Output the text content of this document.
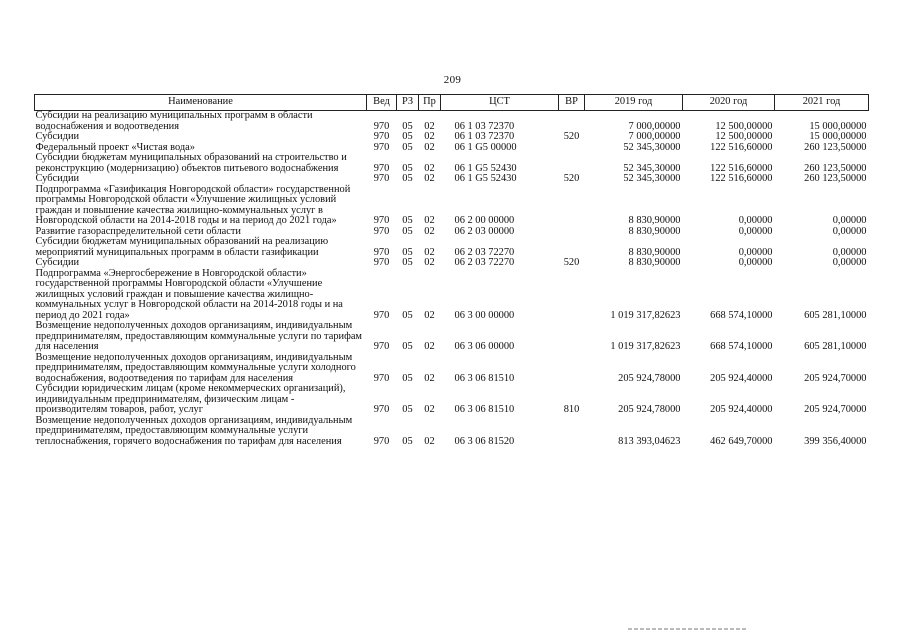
209
Наименование	Вед	РЗ	Пр	ЦСТ	ВР	2019 год	2020 год	2021 год
Субсидии на реализацию муниципальных программ в области водоснабжения и водоотведения	970	05	02	06 1 03 72370		7 000,00000	12 500,00000	15 000,00000
Субсидии	970	05	02	06 1 03 72370	520	7 000,00000	12 500,00000	15 000,00000
Федеральный проект «Чистая вода»	970	05	02	06 1 G5 00000		52 345,30000	122 516,60000	260 123,50000
Субсидии бюджетам муниципальных образований на строительство и реконструкцию (модернизацию) объектов питьевого водоснабжения	970	05	02	06 1 G5 52430		52 345,30000	122 516,60000	260 123,50000
Субсидии	970	05	02	06 1 G5 52430	520	52 345,30000	122 516,60000	260 123,50000
Подпрограмма «Газификация Новгородской области» государственной программы Новгородской области «Улучшение жилищных условий граждан и повышение качества жилищно-коммунальных услуг в Новгородской области на 2014-2018 годы и на период до 2021 года»	970	05	02	06 2 00 00000		8 830,90000	0,00000	0,00000
Развитие газораспределительной сети области	970	05	02	06 2 03 00000		8 830,90000	0,00000	0,00000
Субсидии бюджетам муниципальных образований на реализацию мероприятий муниципальных программ в области газификации	970	05	02	06 2 03 72270		8 830,90000	0,00000	0,00000
Субсидии	970	05	02	06 2 03 72270	520	8 830,90000	0,00000	0,00000
Подпрограмма «Энергосбережение в Новгородской области» государственной программы Новгородской области «Улучшение жилищных условий граждан и повышение качества жилищно-коммунальных услуг в Новгородской области на 2014-2018 годы и на период до 2021 года»	970	05	02	06 3 00 00000		1 019 317,82623	668 574,10000	605 281,10000
Возмещение недополученных доходов организациям, индивидуальным предпринимателям, предоставляющим коммунальные услуги по тарифам для населения	970	05	02	06 3 06 00000		1 019 317,82623	668 574,10000	605 281,10000
Возмещение недополученных доходов организациям, индивидуальным предпринимателям, предоставляющим коммунальные услуги холодного водоснабжения, водоотведения по тарифам для населения	970	05	02	06 3 06 81510		205 924,78000	205 924,40000	205 924,70000
Субсидии юридическим лицам (кроме некоммерческих организаций), индивидуальным предпринимателям, физическим лицам - производителям товаров, работ, услуг	970	05	02	06 3 06 81510	810	205 924,78000	205 924,40000	205 924,70000
Возмещение недополученных доходов организациям, индивидуальным предпринимателям, предоставляющим коммунальные услуги теплоснабжения, горячего водоснабжения по тарифам для населения	970	05	02	06 3 06 81520		813 393,04623	462 649,70000	399 356,40000
